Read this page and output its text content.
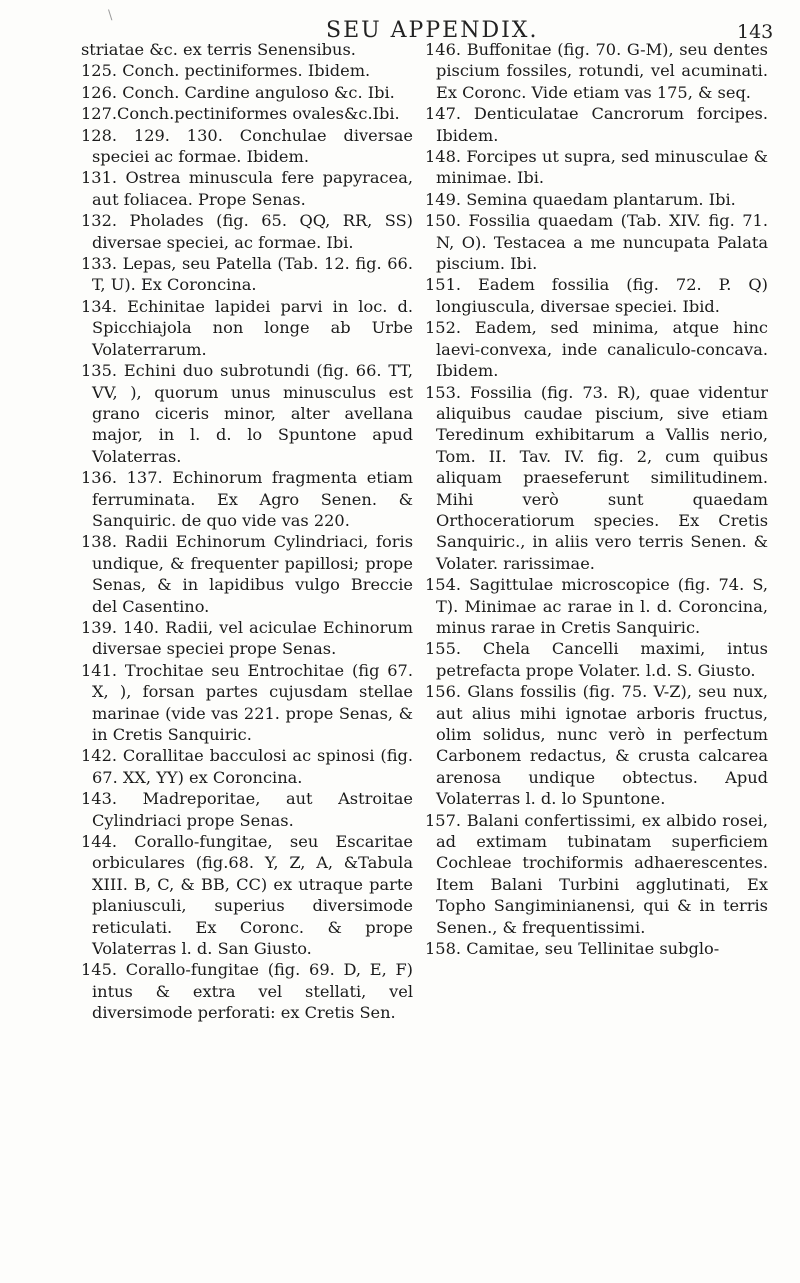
\
SEU APPENDIX.	143

striatae &c. ex terris Senensibus.

125. Conch. pectiniformes. Ibidem.

126. Conch. Cardine anguloso &c. Ibi.

127.Conch.pectiniformes ovales&c.Ibi.

128. 129. 130. Conchulae diversae speciei ac formae. Ibidem.

131. Ostrea minuscula fere papyracea, aut foliacea. Prope Senas.

132. Pholades (fig. 65. QQ, RR, SS) diversae speciei, ac formae. Ibi.

133. Lepas, seu Patella (Tab. 12. fig. 66. T, U). Ex Coroncina.

134. Echinitae lapidei parvi in loc. d. Spicchiajola non longe ab Urbe Volaterrarum.

135. Echini duo subrotundi (fig. 66. TT, VV, ), quorum unus minusculus est grano ciceris minor, alter avellana major, in l. d. lo Spuntone apud Volaterras.

136. 137. Echinorum fragmenta etiam ferruminata. Ex Agro Senen. & Sanquiric. de quo vide vas 220.

138. Radii Echinorum Cylindriaci, foris undique, & frequenter papillosi; prope Senas, & in lapidibus vulgo Breccie del Casentino.

139. 140. Radii, vel aciculae Echinorum diversae speciei prope Senas.

141. Trochitae seu Entrochitae (fig 67. X, ), forsan partes cujusdam stellae marinae (vide vas 221. prope Senas, & in Cretis Sanquiric.

142. Corallitae bacculosi ac spinosi (fig. 67. XX, YY) ex Coroncina.

143. Madreporitae, aut Astroitae Cylindriaci prope Senas.

144. Corallo-fungitae, seu Escaritae orbiculares (fig.68. Y, Z, A, &Tabula XIII. B, C, & BB, CC) ex utraque parte planiusculi, superius diversimode reticulati. Ex Coronc. & prope Volaterras l. d. San Giusto.

145. Corallo-fungitae (fig. 69. D, E, F) intus & extra vel stellati, vel diversimode perforati: ex Cretis Sen.

146. Buffonitae (fig. 70. G-M), seu dentes piscium fossiles, rotundi, vel acuminati. Ex Coronc. Vide etiam vas 175, & seq.

147. Denticulatae Cancrorum forcipes. Ibidem.

148. Forcipes ut supra, sed minusculae & minimae. Ibi.

149. Semina quaedam plantarum. Ibi.

150. Fossilia quaedam (Tab. XIV. fig. 71. N, O). Testacea a me nuncupata Palata piscium. Ibi.

151. Eadem fossilia (fig. 72. P. Q) longiuscula, diversae speciei. Ibid.

152. Eadem, sed minima, atque hinc laevi-convexa, inde canaliculo-concava. Ibidem.

153. Fossilia (fig. 73. R), quae videntur aliquibus caudae piscium, sive etiam Teredinum exhibitarum a Vallis nerio, Tom. II. Tav. IV. fig. 2, cum quibus aliquam praeseferunt similitudinem. Mihi verò sunt quaedam Orthoceratiorum species. Ex Cretis Sanquiric., in aliis vero terris Senen. & Volater. rarissimae.

154. Sagittulae microscopice (fig. 74. S, T). Minimae ac rarae in l. d. Coroncina, minus rarae in Cretis Sanquiric.

155. Chela Cancelli maximi, intus petrefacta prope Volater. l.d. S. Giusto.

156. Glans fossilis (fig. 75. V-Z), seu nux, aut alius mihi ignotae arboris fructus, olim solidus, nunc verò in perfectum Carbonem redactus, & crusta calcarea arenosa undique obtectus. Apud Volaterras l. d. lo Spuntone.

157. Balani confertissimi, ex albido rosei, ad extimam tubinatam superficiem Cochleae trochiformis adhaerescentes. Item Balani Turbini agglutinati, Ex Topho Sangiminianensi, qui & in terris Senen., & frequentissimi.

158. Camitae, seu Tellinitae subglo-
